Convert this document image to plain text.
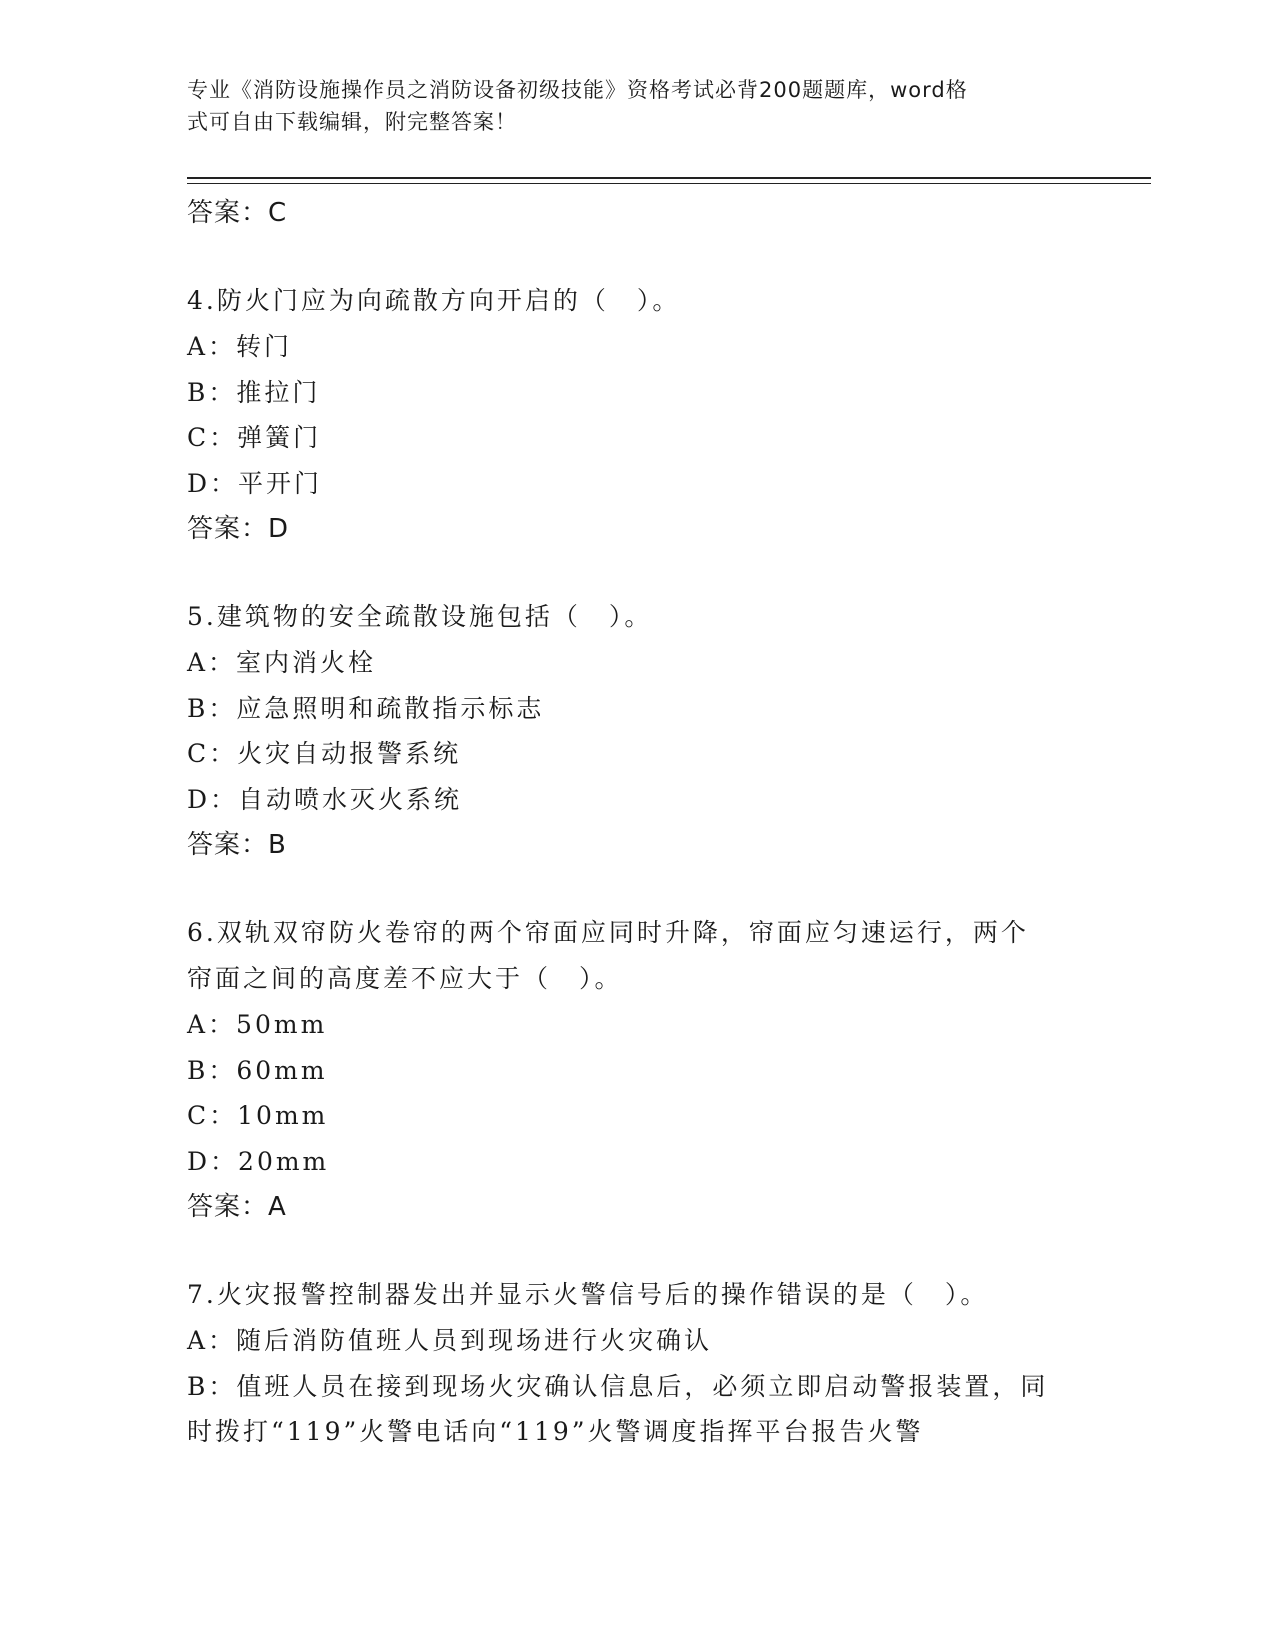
专业《消防设施操作员之消防设备初级技能》资格考试必背200题题库，word格
式可自由下载编辑，附完整答案！
答案：C
4.防火门应为向疏散方向开启的（　）。
A：转门
B：推拉门
C：弹簧门
D：平开门
答案：D
5.建筑物的安全疏散设施包括（　）。
A：室内消火栓
B：应急照明和疏散指示标志
C：火灾自动报警系统
D：自动喷水灭火系统
答案：B
6.双轨双帘防火卷帘的两个帘面应同时升降，帘面应匀速运行，两个
帘面之间的高度差不应大于（　）。
A：50mm
B：60mm
C：10mm
D：20mm
答案：A
7.火灾报警控制器发出并显示火警信号后的操作错误的是（　）。
A：随后消防值班人员到现场进行火灾确认
B：值班人员在接到现场火灾确认信息后，必须立即启动警报装置，同
时拨打“119”火警电话向“119”火警调度指挥平台报告火警
